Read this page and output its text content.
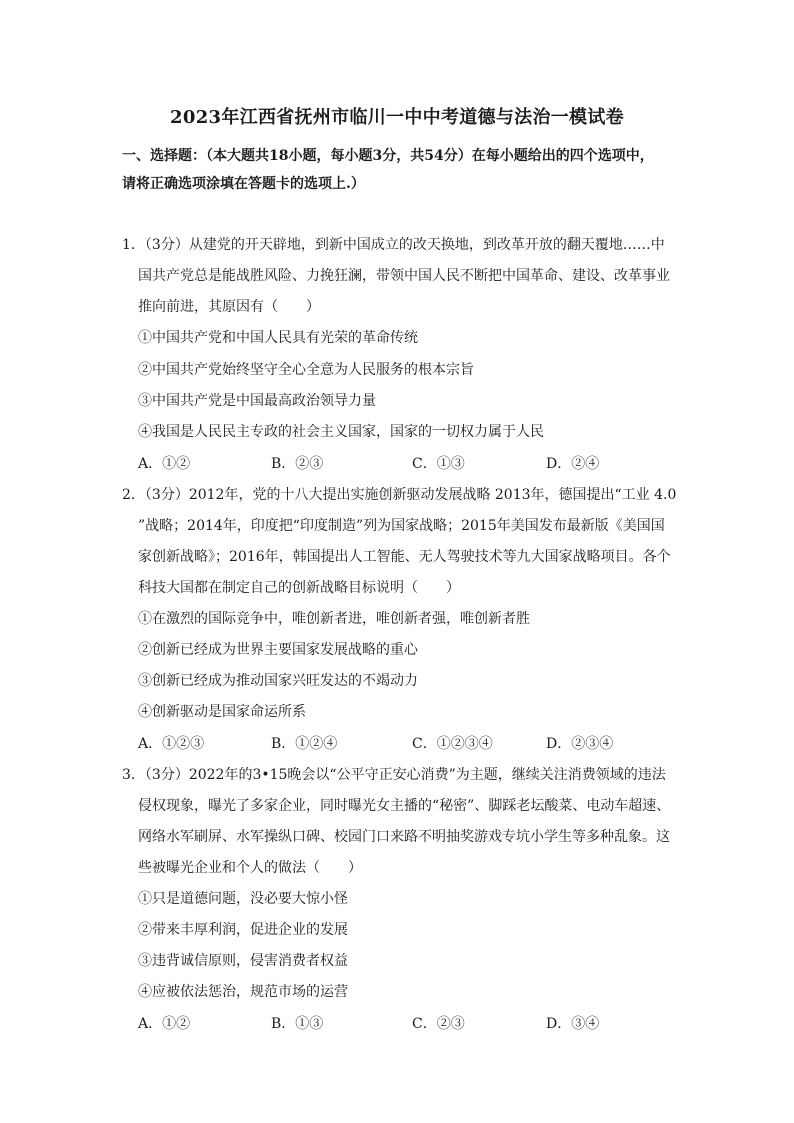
2023年江西省抚州市临川一中中考道德与法治一模试卷
一、选择题：（本大题共18小题，每小题3分，共54分）在每小题给出的四个选项中，
请将正确选项涂填在答题卡的选项上.）
1．（3分）从建党的开天辟地，到新中国成立的改天换地，到改革开放的翻天覆地……中
国共产党总是能战胜风险、力挽狂澜，带领中国人民不断把中国革命、建设、改革事业
推向前进，其原因有（　　）
①中国共产党和中国人民具有光荣的革命传统
②中国共产党始终坚守全心全意为人民服务的根本宗旨
③中国共产党是中国最高政治领导力量
④我国是人民民主专政的社会主义国家，国家的一切权力属于人民
A．①②	B．②③	C．①③	D．②④
2．（3分）2012年，党的十八大提出实施创新驱动发展战略 2013年，德国提出“工业 4.0
”战略；2014年，印度把“印度制造”列为国家战略；2015年美国发布最新版《美国国
家创新战略》；2016年，韩国提出人工智能、无人驾驶技术等九大国家战略项目。各个
科技大国都在制定自己的创新战略目标说明（　　）
①在激烈的国际竞争中，唯创新者进，唯创新者强，唯创新者胜
②创新已经成为世界主要国家发展战略的重心
③创新已经成为推动国家兴旺发达的不竭动力
④创新驱动是国家命运所系
A．①②③	B．①②④	C．①②③④	D．②③④
3．（3分）2022年的3•15晚会以“公平守正安心消费”为主题，继续关注消费领域的违法
侵权现象，曝光了多家企业，同时曝光女主播的“秘密”、脚踩老坛酸菜、电动车超速、
网络水军刷屏、水军操纵口碑、校园门口来路不明抽奖游戏专坑小学生等多种乱象。这
些被曝光企业和个人的做法（　　）
①只是道德问题，没必要大惊小怪
②带来丰厚利润，促进企业的发展
③违背诚信原则，侵害消费者权益
④应被依法惩治，规范市场的运营
A．①②	B．①③	C．②③	D．③④
